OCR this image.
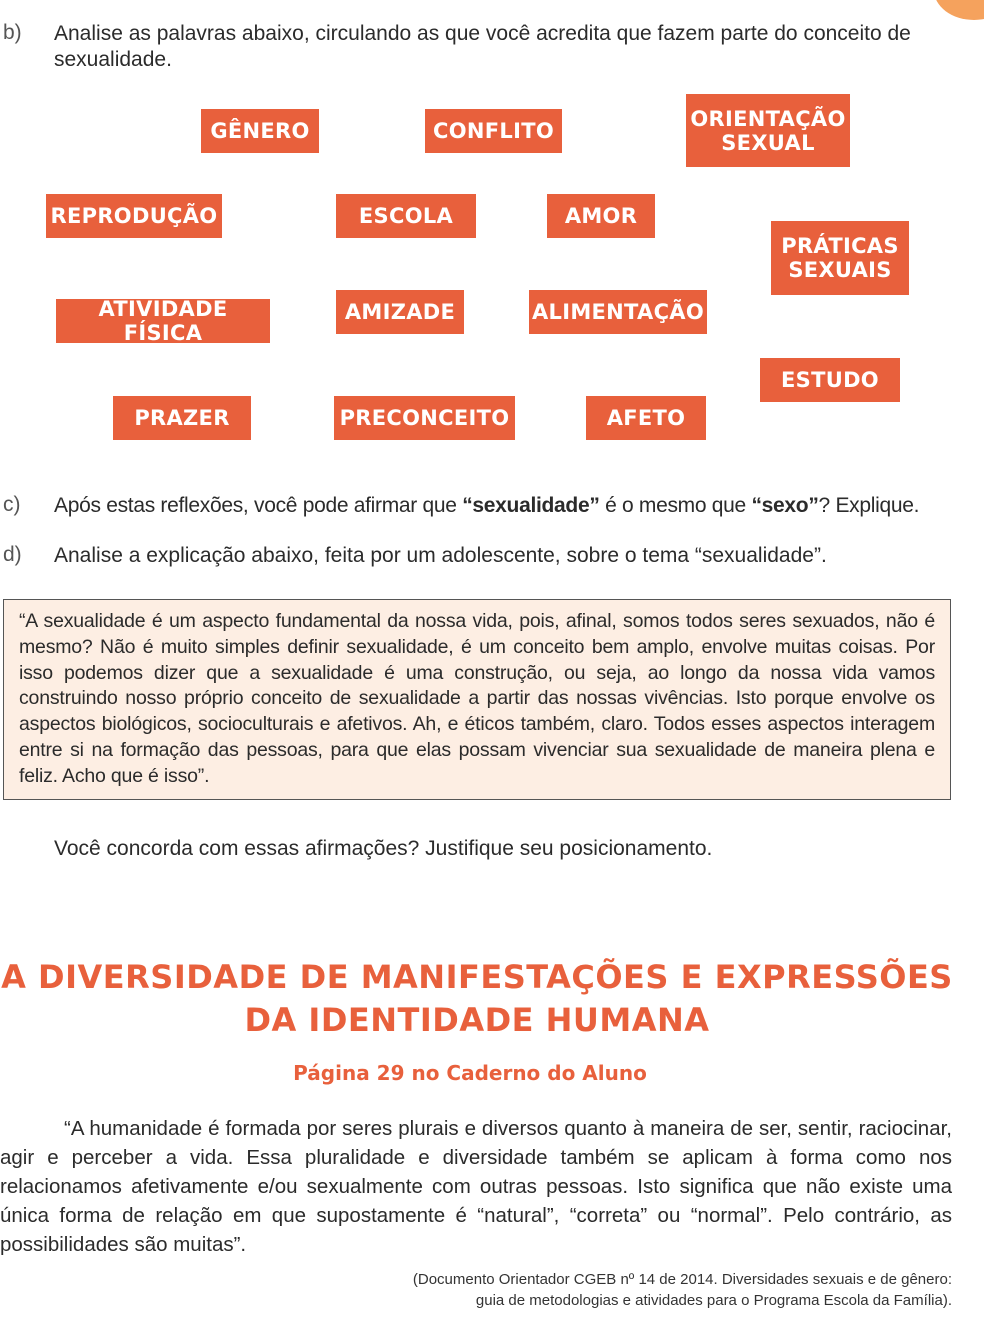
b) Analise as palavras abaixo, circulando as que você acredita que fazem parte do conceito de sexualidade.
GÊNERO	CONFLITO
ORIENTAÇÃO SEXUAL
REPRODUÇÃO	ESCOLA	AMOR
PRÁTICAS SEXUAIS
ATIVIDADE FÍSICA
AMIZADE	ALIMENTAÇÃO
ESTUDO
PRAZER	PRECONCEITO	AFETO
c) Após estas reflexões, você pode afirmar que “sexualidade” é o mesmo que “sexo”? Explique.
d) Analise a explicação abaixo, feita por um adolescente, sobre o tema “sexualidade”.
“A sexualidade é um aspecto fundamental da nossa vida, pois, afinal, somos todos seres sexuados, não é mesmo? Não é muito simples definir sexualidade, é um conceito bem amplo, envolve muitas coisas. Por isso podemos dizer que a sexualidade é uma construção, ou seja, ao longo da nossa vida vamos construindo nosso próprio conceito de sexualidade a partir das nossas vivências. Isto porque envolve os aspectos biológicos, socioculturais e afetivos. Ah, e éticos também, claro. Todos esses aspectos interagem entre si na formação das pessoas, para que elas possam vivenciar sua sexualidade de maneira plena e feliz. Acho que é isso”.
Você concorda com essas afirmações? Justifique seu posicionamento.
A DIVERSIDADE DE MANIFESTAÇÕES E EXPRESSÕES
DA IDENTIDADE HUMANA
Página 29 no Caderno do Aluno
“A humanidade é formada por seres plurais e diversos quanto à maneira de ser, sentir, raciocinar, agir e perceber a vida. Essa pluralidade e diversidade também se aplicam à forma como nos relacionamos afetivamente e/ou sexualmente com outras pessoas. Isto significa que não existe uma única forma de relação em que supostamente é “natural”, “correta” ou “normal”. Pelo contrário, as possibilidades são muitas”.
(Documento Orientador CGEB nº 14 de 2014. Diversidades sexuais e de gênero:
guia de metodologias e atividades para o Programa Escola da Família).
